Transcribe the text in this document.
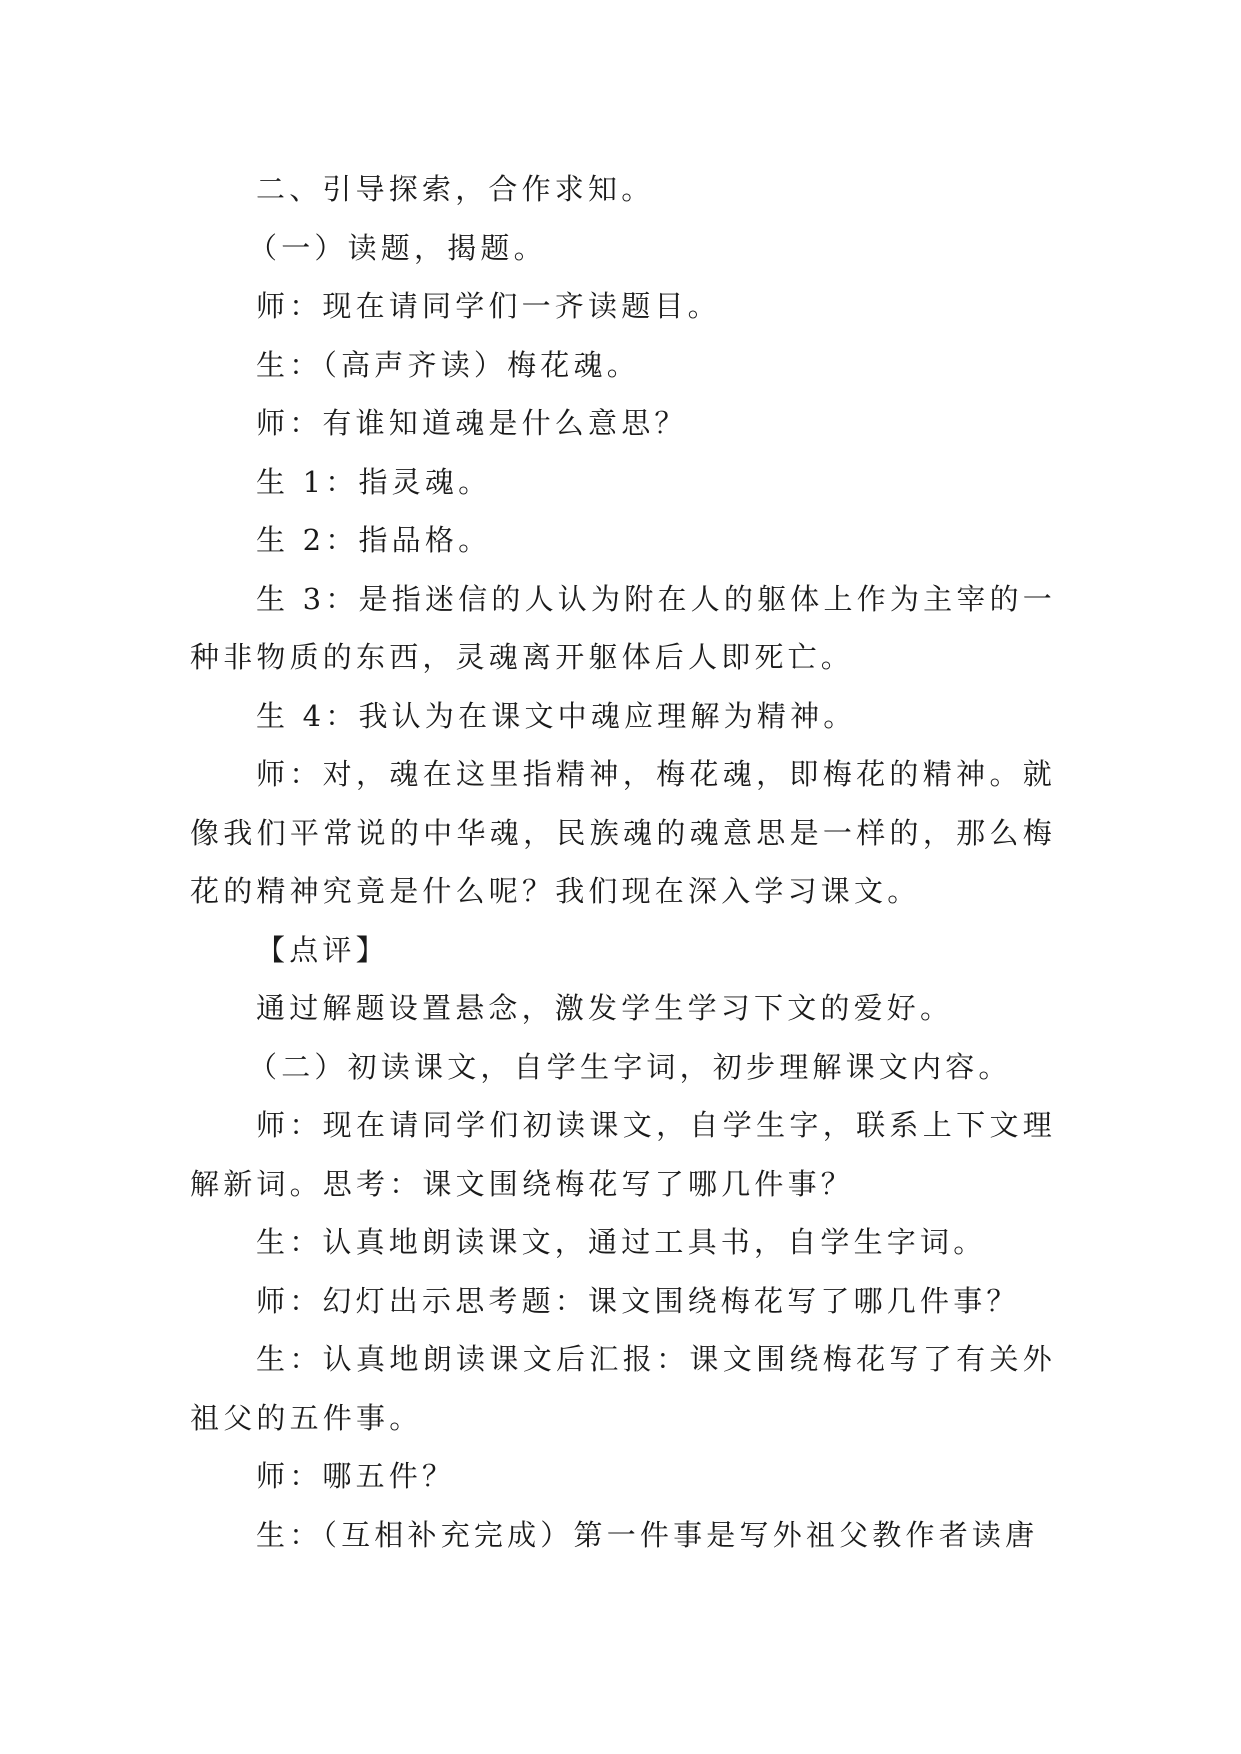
二、引导探索，合作求知。

（一）读题，揭题。

师：现在请同学们一齐读题目。

生：（高声齐读）梅花魂。

师：有谁知道魂是什么意思？

生 1：指灵魂。

生 2：指品格。

生 3：是指迷信的人认为附在人的躯体上作为主宰的一种非物质的东西，灵魂离开躯体后人即死亡。

生 4：我认为在课文中魂应理解为精神。

师：对，魂在这里指精神，梅花魂，即梅花的精神。就像我们平常说的中华魂，民族魂的魂意思是一样的，那么梅花的精神究竟是什么呢？我们现在深入学习课文。

【点评】

通过解题设置悬念，激发学生学习下文的爱好。

（二）初读课文，自学生字词，初步理解课文内容。

师：现在请同学们初读课文，自学生字，联系上下文理解新词。思考：课文围绕梅花写了哪几件事？

生：认真地朗读课文，通过工具书，自学生字词。

师：幻灯出示思考题：课文围绕梅花写了哪几件事？

生：认真地朗读课文后汇报：课文围绕梅花写了有关外祖父的五件事。

师：哪五件？

生：（互相补充完成）第一件事是写外祖父教作者读唐
